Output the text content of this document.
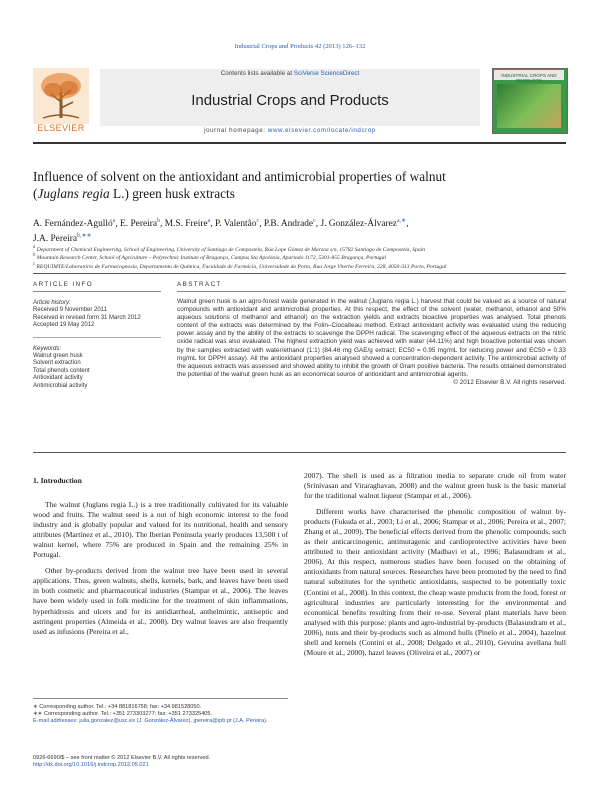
Industrial Crops and Products 42 (2013) 126–132
Contents lists available at SciVerse ScienceDirect
Industrial Crops and Products
journal homepage: www.elsevier.com/locate/indcrop
ELSEVIER
INDUSTRIAL CROPS AND PRODUCTS
Influence of solvent on the antioxidant and antimicrobial properties of walnut
(Juglans regia L.) green husk extracts
A. Fernández-Agulló$^a$, E. Pereira$^b$, M.S. Freire$^a$, P. Valentão$^c$, P.B. Andrade$^c$, J. González-Álvarez$^{a,∗}$,
J.A. Pereira$^{b,∗∗}$
$^a$ Department of Chemical Engineering, School of Engineering, University of Santiago de Compostela, Rúa Lope Gómez de Marzoa s/n, 15782 Santiago de Compostela, Spain
$^b$ Mountain Research Center, School of Agriculture – Polytechnic Institute of Bragança, Campus Sta Apolónia, Apartado 1172, 5301-855 Bragança, Portugal
$^c$ REQUIMTE/Laboratório de Farmacognosia, Departamento de Química, Faculdade de Farmácia, Universidade do Porto, Rua Jorge Viterbo Ferreira, 228, 4050-313 Porto, Portugal
ARTICLE INFO
Article history:
Received 9 November 2011
Received in revised form 31 March 2012
Accepted 19 May 2012
Keywords:
Walnut green husk
Solvent extraction
Total phenols content
Antioxidant activity
Antimicrobial activity
ABSTRACT
Walnut green husk is an agro-forest waste generated in the walnut (Juglans regia L.) harvest that could be valued as a source of natural compounds with antioxidant and antimicrobial properties. At this respect, the effect of the solvent (water, methanol, ethanol and 50% aqueous solutions of methanol and ethanol) on the extraction yields and extracts bioactive properties was analysed. Total phenols content of the extracts was determined by the Folin–Ciocalteau method. Extract antioxidant activity was evaluated using the reducing power assay and by the ability of the extracts to scavenge the DPPH radical. The scavenging effect of the aqueous extracts on the nitric oxide radical was also evaluated. The highest extraction yield was achieved with water (44.11%) and high bioactive potential was shown by the samples extracted with water/ethanol (1:1) (84.46 mg GAE/g extract; EC50 = 0.95 mg/mL for reducing power and EC50 = 0.33 mg/mL for DPPH assay). All the antioxidant properties analysed showed a concentration-dependent activity. The antimicrobial activity of the aqueous extracts was assessed and showed ability to inhibit the growth of Gram positive bacteria. The results obtained demonstrated the potential of the walnut green husk as an economical source of antioxidant and antimicrobial agents.
© 2012 Elsevier B.V. All rights reserved.
1. Introduction

The walnut (Juglans regia L.) is a tree traditionally cultivated for its valuable wood and fruits. The walnut seed is a nut of high economic interest to the food industry and is globally popular and valued for its nutritional, health and sensory attributes (Martínez et al., 2010). The Iberian Peninsula yearly produces 13,500 t of walnut kernel, where 75% are produced in Spain and the remaining 25% in Portugal.

Other by-products derived from the walnut tree have been used in several applications. Thus, green walnuts, shells, kernels, bark, and leaves have been used in both cosmetic and pharmaceutical industries (Stampar et al., 2006). The leaves have been widely used in folk medicine for the treatment of skin inflammations, hyperhidrosis and ulcers and for its antidiarrheal, anthelmintic, antiseptic and astringent properties (Almeida et al., 2008). Dry walnut leaves are also frequently used as infusions (Pereira et al.,

2007). The shell is used as a filtration media to separate crude oil from water (Srinivasan and Viraraghavan, 2008) and the walnut green husk is the basic material for the traditional walnut liqueur (Stampar et al., 2006).

Different works have characterised the phenolic composition of walnut by-products (Fukuda et al., 2003; Li et al., 2006; Stampar et al., 2006; Pereira et al., 2007; Zhang et al., 2009). The beneficial effects derived from the phenolic compounds, such as their anticarcinogenic, antimutagenic and cardioprotective activities have been attributed to their antioxidant activity (Madhavi et al., 1996; Balasundram et al., 2006). At this respect, numerous studies have been focused on the obtaining of antioxidants from natural sources. Researches have been promoted by the need to find natural substitutes for the synthetic antioxidants, suspected to be potentially toxic (Contini et al., 2008). In this context, the cheap waste products from the food, forest or agricultural industries are particularly interesting for the environmental and economical benefits resulting from their re-use. Several plant materials have been analysed with this purpose: plants and agro-industrial by-products (Balasundram et al., 2006), nuts and their by-products such as almond hulls (Pinelo et al., 2004), hazelnut shell and kernels (Contini et al., 2008; Delgado et al., 2010), Gevuina avellana hull (Moure et al., 2000), hazel leaves (Oliveira et al., 2007) or

∗ Corresponding author. Tel.: +34 881816758; fax: +34 981528050.
∗∗ Corresponding author. Tel.: +351 273303277; fax: +351 273325405.
E-mail addresses: julia.gonzalez@usc.es (J. González-Álvarez), jpereira@ipb.pt (J.A. Pereira).
0926-6690/$ – see front matter © 2012 Elsevier B.V. All rights reserved.
http://dx.doi.org/10.1016/j.indcrop.2012.05.021
